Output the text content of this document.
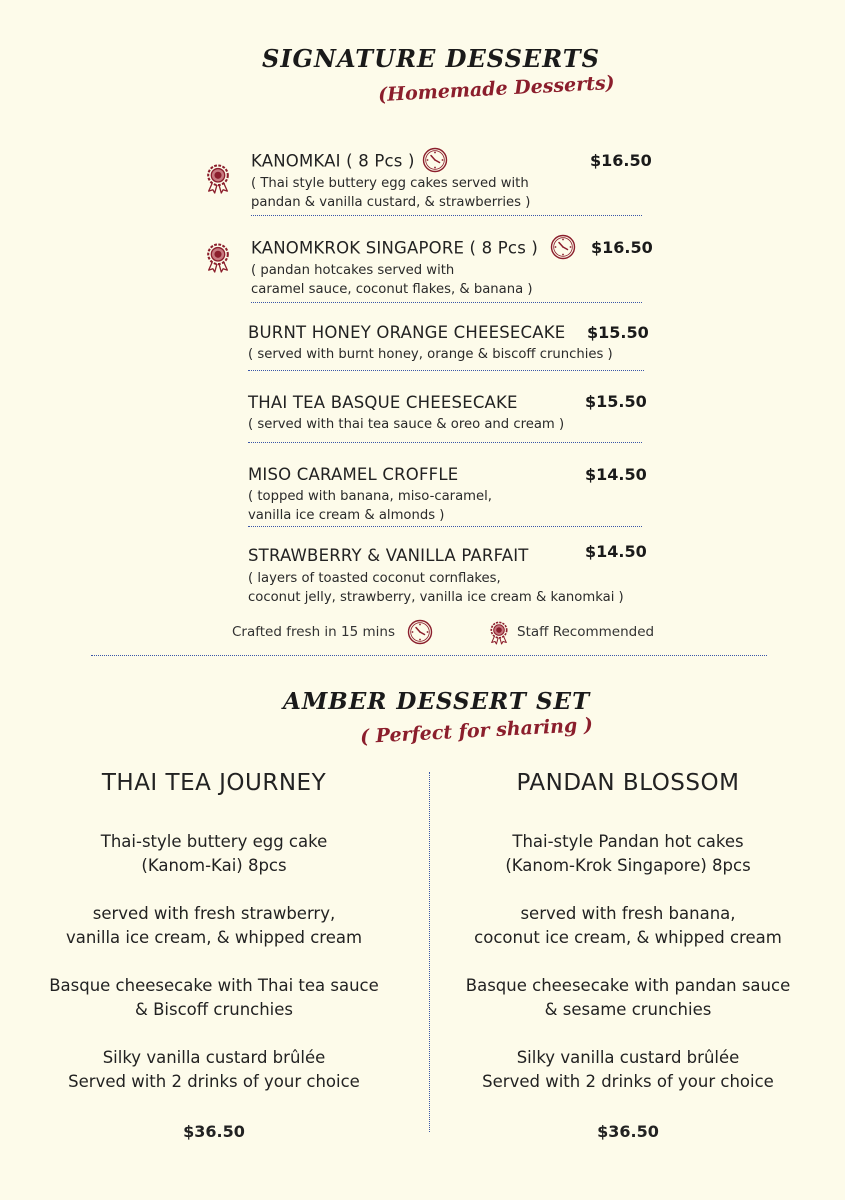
SIGNATURE DESSERTS
(Homemade Desserts)
KANOMKAI ( 8 Pcs )	$16.50
( Thai style buttery egg cakes served with
pandan & vanilla custard, & strawberries )
KANOMKROK SINGAPORE ( 8 Pcs )	$16.50
( pandan hotcakes served with
caramel sauce, coconut flakes, & banana )
BURNT HONEY ORANGE CHEESECAKE $15.50
( served with burnt honey, orange & biscoff crunchies )
THAI TEA BASQUE CHEESECAKE	$15.50
( served with thai tea sauce & oreo and cream )
MISO CARAMEL CROFFLE	$14.50
( topped with banana, miso-caramel,
vanilla ice cream & almonds )
STRAWBERRY & VANILLA PARFAIT	$14.50
( layers of toasted coconut cornflakes,
coconut jelly, strawberry, vanilla ice cream & kanomkai )
Crafted fresh in 15 mins	Staff Recommended
AMBER DESSERT SET
( Perfect for sharing )
THAI TEA JOURNEY
Thai-style buttery egg cake
(Kanom-Kai) 8pcs
served with fresh strawberry,
vanilla ice cream, & whipped cream
Basque cheesecake with Thai tea sauce
& Biscoff crunchies
Silky vanilla custard brûlée
Served with 2 drinks of your choice
$36.50
PANDAN BLOSSOM
Thai-style Pandan hot cakes
(Kanom-Krok Singapore) 8pcs
served with fresh banana,
coconut ice cream, & whipped cream
Basque cheesecake with pandan sauce
& sesame crunchies
Silky vanilla custard brûlée
Served with 2 drinks of your choice
$36.50
